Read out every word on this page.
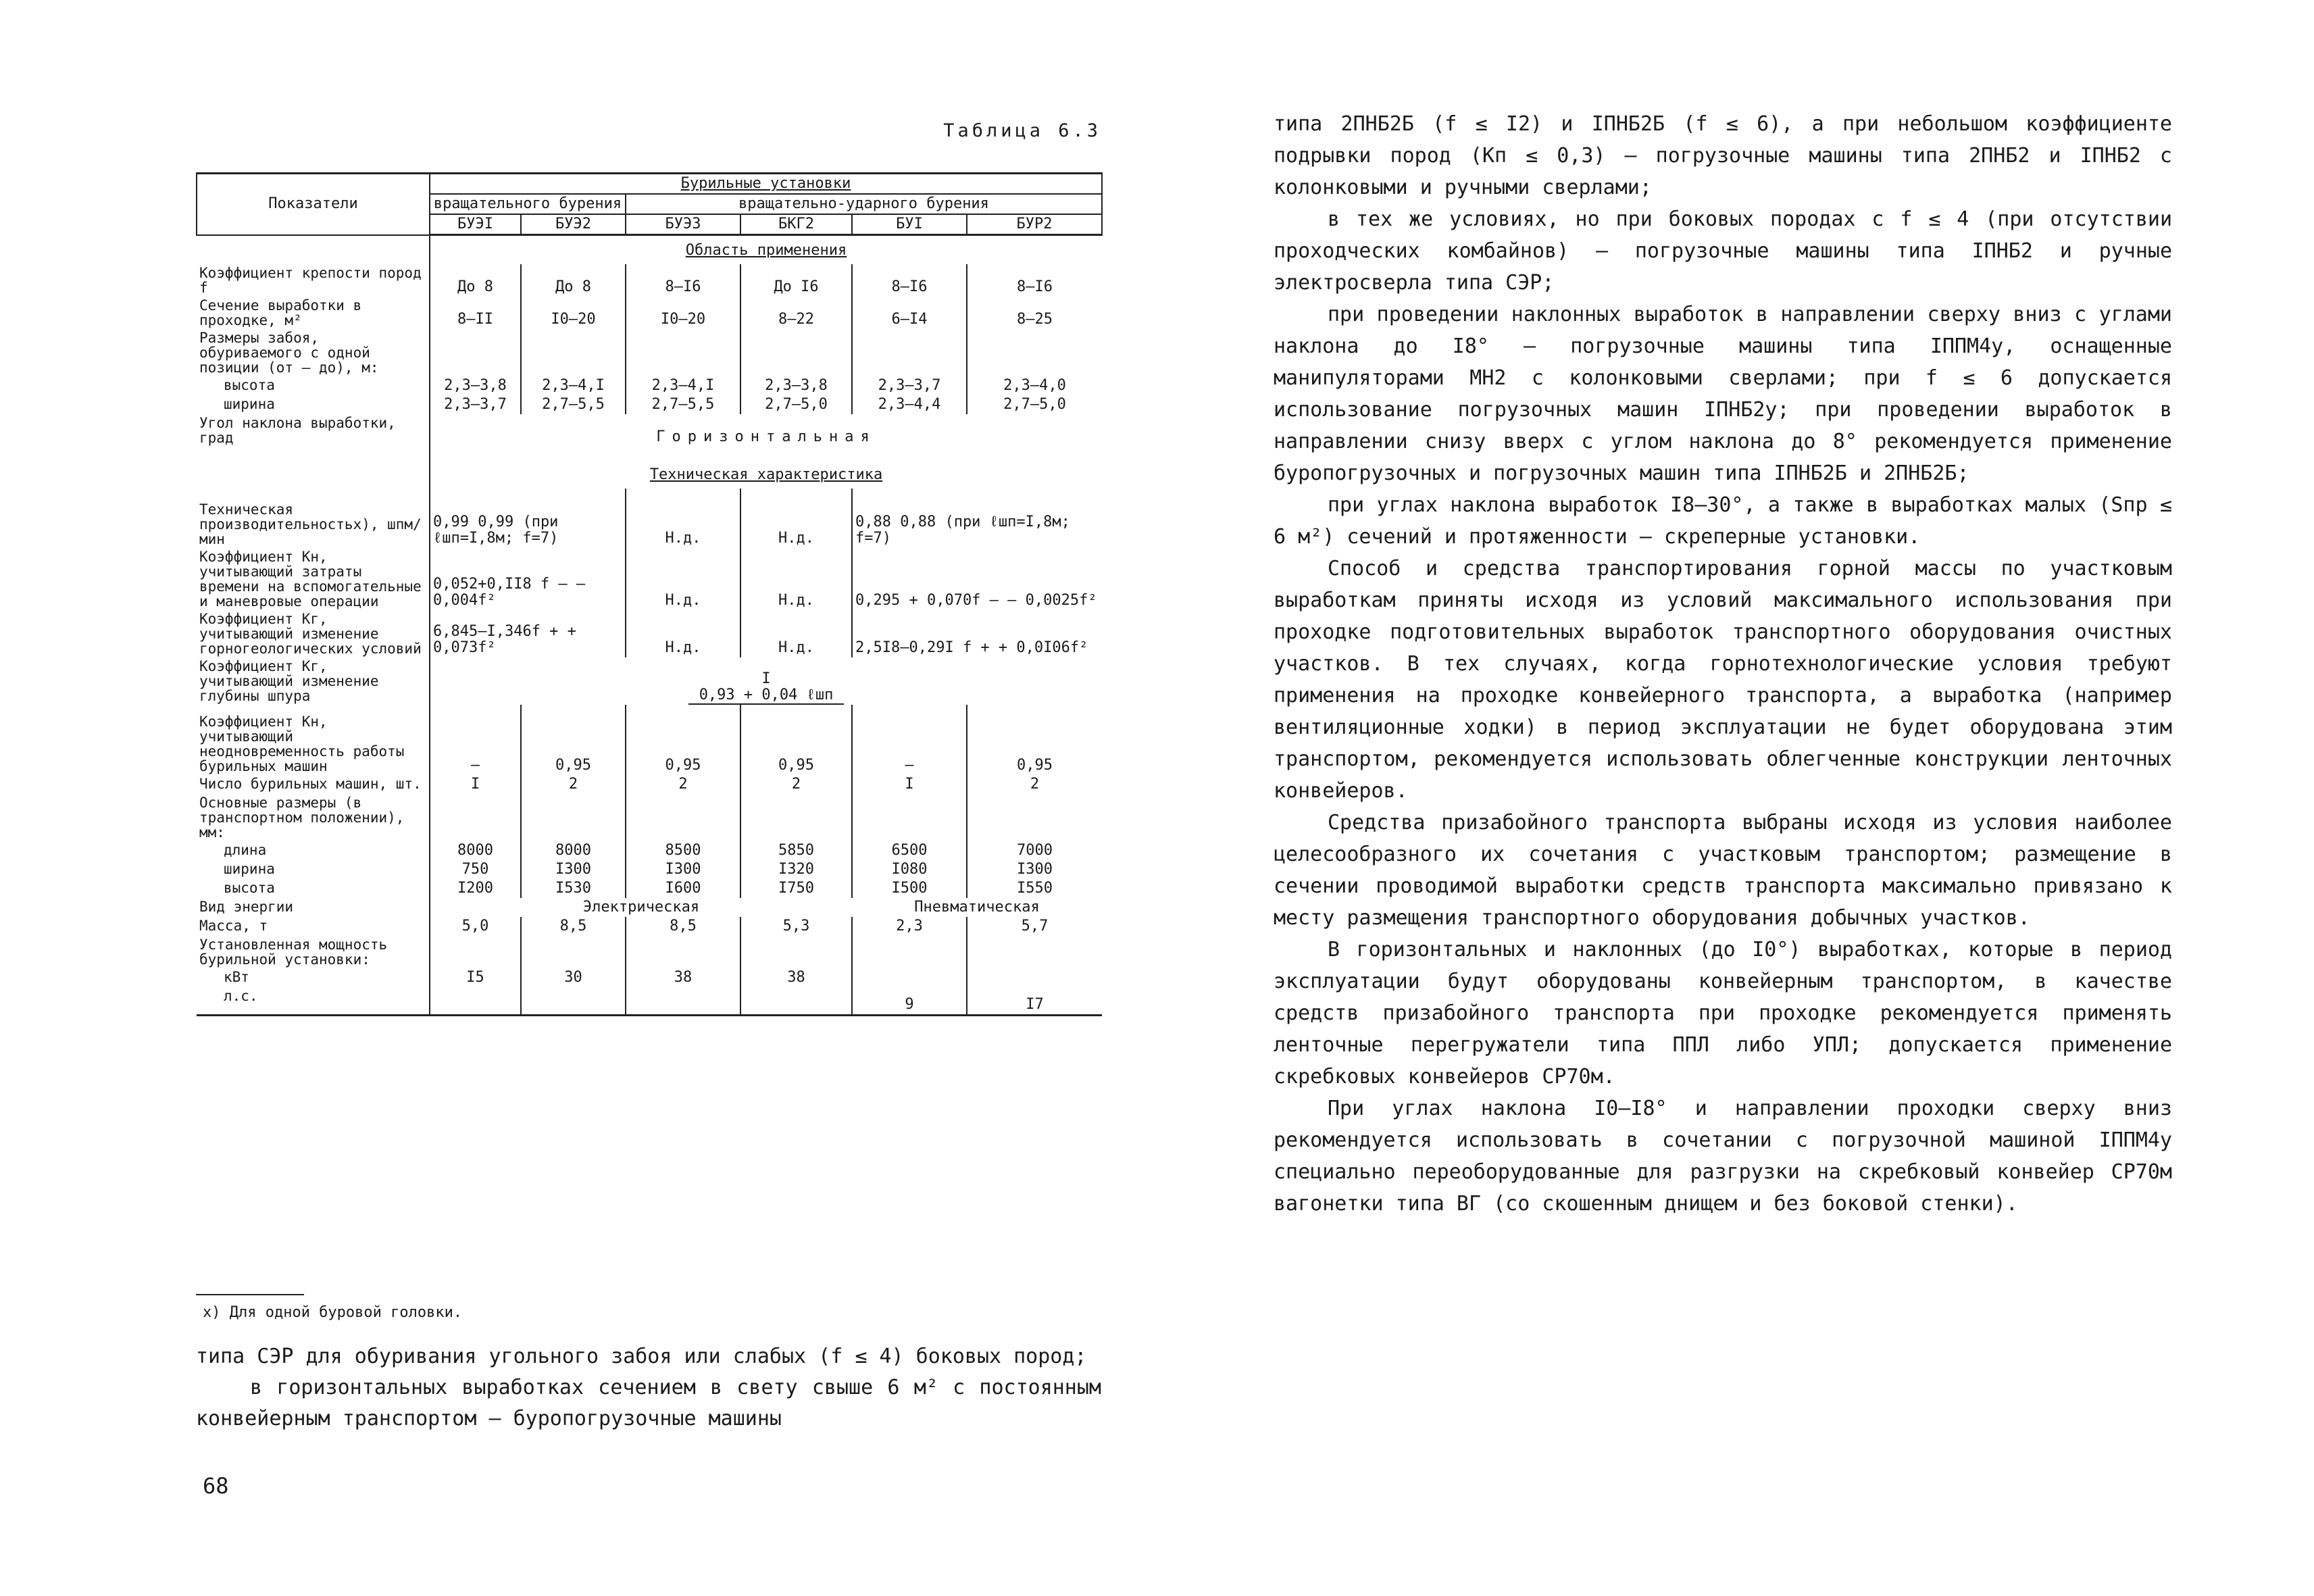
Таблица 6.3
Показатели	Бурильные установки					
	вращательного бурения		вращательно-ударного бурения			
	БУЭI	БУЭ2	БУЭ3	БКГ2	БУI	БУР2
	Область применения					
Коэффициент крепости пород f	До 8	До 8	8–I6	До I6	8–I6	8–I6
Сечение выработки в проходке, м²	8–II	I0–20	I0–20	8–22	6–I4	8–25
Размеры забоя, обуриваемого с одной позиции (от – до), м:						
высота	2,3–3,8	2,3–4,I	2,3–4,I	2,3–3,8	2,3–3,7	2,3–4,0
ширина	2,3–3,7	2,7–5,5	2,7–5,5	2,7–5,0	2,3–4,4	2,7–5,0
Угол наклона выработки, град	Горизонтальная					
	Техническая характеристика					
Техническая производительностьx), шпм/мин	0,99 0,99 (при ℓшп=I,8м; f=7)		Н.д.	Н.д.	0,88 0,88 (при ℓшп=I,8м; f=7)	
Коэффициент Kн, учитывающий затраты времени на вспомогательные и маневровые операции	0,052+0,II8 f – – 0,004f²		Н.д.	Н.д.	0,295 + 0,070f – – 0,0025f²	
Коэффициент Kг, учитывающий изменение горногеологических условий	6,845–I,346f + + 0,073f²		Н.д.	Н.д.	2,5I8–0,29I f + + 0,0I06f²	
Коэффициент Kг, учитывающий изменение глубины шпура	I
0,93 + 0,04 ℓшп					
Коэффициент Kн, учитывающий неодновременность работы бурильных машин	–	0,95	0,95	0,95	–	0,95
Число бурильных машин, шт.	I	2	2	2	I	2
Основные размеры (в транспортном положении), мм:						
длина	8000	8000	8500	5850	6500	7000
ширина	750	I300	I300	I320	I080	I300
высота	I200	I530	I600	I750	I500	I550
Вид энергии	Электрическая				Пневматическая	
Масса, т	5,0	8,5	8,5	5,3	2,3	5,7
Установленная мощность бурильной установки:						
кВт	I5	30	38	38		
л.с.					9	I7
x) Для одной буровой головки.

типа СЭР для обуривания угольного забоя или слабых (f ≤ 4) боковых пород;

в горизонтальных выработках сечением в свету свыше 6 м² с постоянным конвейерным транспортом – буропогрузочные машины

68

типа 2ПНБ2Б (f ≤ I2) и IПНБ2Б (f ≤ 6), а при небольшом коэффициенте подрывки пород (Kп ≤ 0,3) – погрузочные машины типа 2ПНБ2 и IПНБ2 с колонковыми и ручными сверлами;

в тех же условиях, но при боковых породах с f ≤ 4 (при отсутствии проходческих комбайнов) – погрузочные машины типа IПНБ2 и ручные электросверла типа СЭР;

при проведении наклонных выработок в направлении сверху вниз с углами наклона до I8° – погрузочные машины типа IППМ4у, оснащенные манипуляторами МН2 с колонковыми сверлами; при f ≤ 6 допускается использование погрузочных машин IПНБ2у; при проведении выработок в направлении снизу вверх с углом наклона до 8° рекомендуется применение буропогрузочных и погрузочных машин типа IПНБ2Б и 2ПНБ2Б;

при углах наклона выработок I8–30°, а также в выработках малых (Sпр ≤ 6 м²) сечений и протяженности – скреперные установки.

Способ и средства транспортирования горной массы по участковым выработкам приняты исходя из условий максимального использования при проходке подготовительных выработок транспортного оборудования очистных участков. В тех случаях, когда горнотехнологические условия требуют применения на проходке конвейерного транспорта, а выработка (например вентиляционные ходки) в период эксплуатации не будет оборудована этим транспортом, рекомендуется использовать облегченные конструкции ленточных конвейеров.

Средства призабойного транспорта выбраны исходя из условия наиболее целесообразного их сочетания с участковым транспортом; размещение в сечении проводимой выработки средств транспорта максимально привязано к месту размещения транспортного оборудования добычных участков.

В горизонтальных и наклонных (до I0°) выработках, которые в период эксплуатации будут оборудованы конвейерным транспортом, в качестве средств призабойного транспорта при проходке рекомендуется применять ленточные перегружатели типа ППЛ либо УПЛ; допускается применение скребковых конвейеров СР70м.

При углах наклона I0–I8° и направлении проходки сверху вниз рекомендуется использовать в сочетании с погрузочной машиной IППМ4у специально переоборудованные для разгрузки на скребковый конвейер СР70м вагонетки типа ВГ (со скошенным днищем и без боковой стенки).
